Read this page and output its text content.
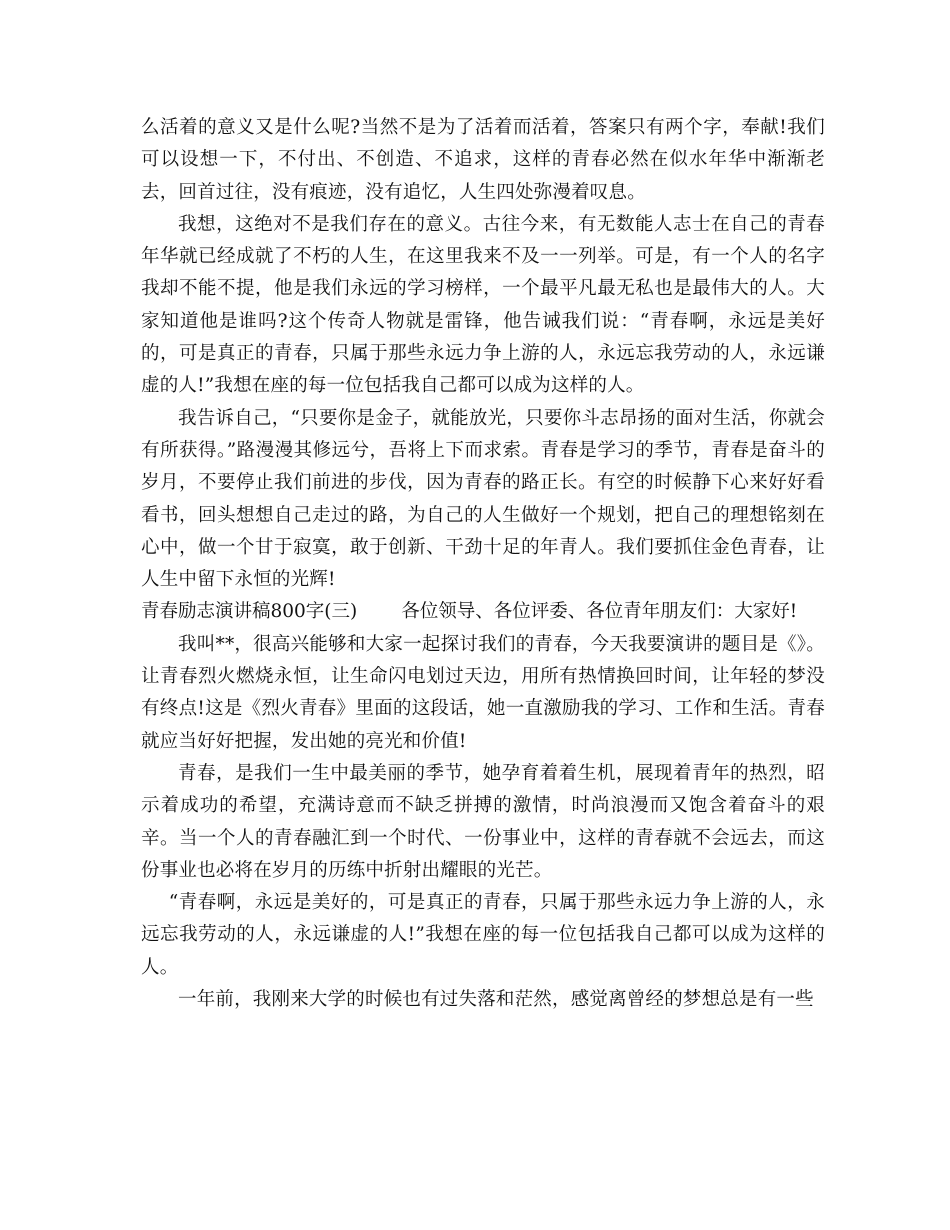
么活着的意义又是什么呢?当然不是为了活着而活着，答案只有两个字，奉献!我们可以设想一下，不付出、不创造、不追求，这样的青春必然在似水年华中渐渐老去，回首过往，没有痕迹，没有追忆，人生四处弥漫着叹息。

我想，这绝对不是我们存在的意义。古往今来，有无数能人志士在自己的青春年华就已经成就了不朽的人生，在这里我来不及一一列举。可是，有一个人的名字我却不能不提，他是我们永远的学习榜样，一个最平凡最无私也是最伟大的人。大家知道他是谁吗?这个传奇人物就是雷锋，他告诫我们说：“青春啊，永远是美好的，可是真正的青春，只属于那些永远力争上游的人，永远忘我劳动的人，永远谦虚的人!”我想在座的每一位包括我自己都可以成为这样的人。

我告诉自己，“只要你是金子，就能放光，只要你斗志昂扬的面对生活，你就会有所获得。”路漫漫其修远兮，吾将上下而求索。青春是学习的季节，青春是奋斗的岁月，不要停止我们前进的步伐，因为青春的路正长。有空的时候静下心来好好看看书，回头想想自己走过的路，为自己的人生做好一个规划，把自己的理想铭刻在心中，做一个甘于寂寞，敢于创新、干劲十足的年青人。我们要抓住金色青春，让人生中留下永恒的光辉!

青春励志演讲稿800字(三) 各位领导、各位评委、各位青年朋友们：大家好!

我叫**，很高兴能够和大家一起探讨我们的青春，今天我要演讲的题目是《》。让青春烈火燃烧永恒，让生命闪电划过天边，用所有热情换回时间，让年轻的梦没有终点!这是《烈火青春》里面的这段话，她一直激励我的学习、工作和生活。青春就应当好好把握，发出她的亮光和价值!

青春，是我们一生中最美丽的季节，她孕育着着生机，展现着青年的热烈，昭示着成功的希望，充满诗意而不缺乏拼搏的激情，时尚浪漫而又饱含着奋斗的艰辛。当一个人的青春融汇到一个时代、一份事业中，这样的青春就不会远去，而这份事业也必将在岁月的历练中折射出耀眼的光芒。

“青春啊，永远是美好的，可是真正的青春，只属于那些永远力争上游的人，永远忘我劳动的人，永远谦虚的人!”我想在座的每一位包括我自己都可以成为这样的人。

一年前，我刚来大学的时候也有过失落和茫然，感觉离曾经的梦想总是有一些
